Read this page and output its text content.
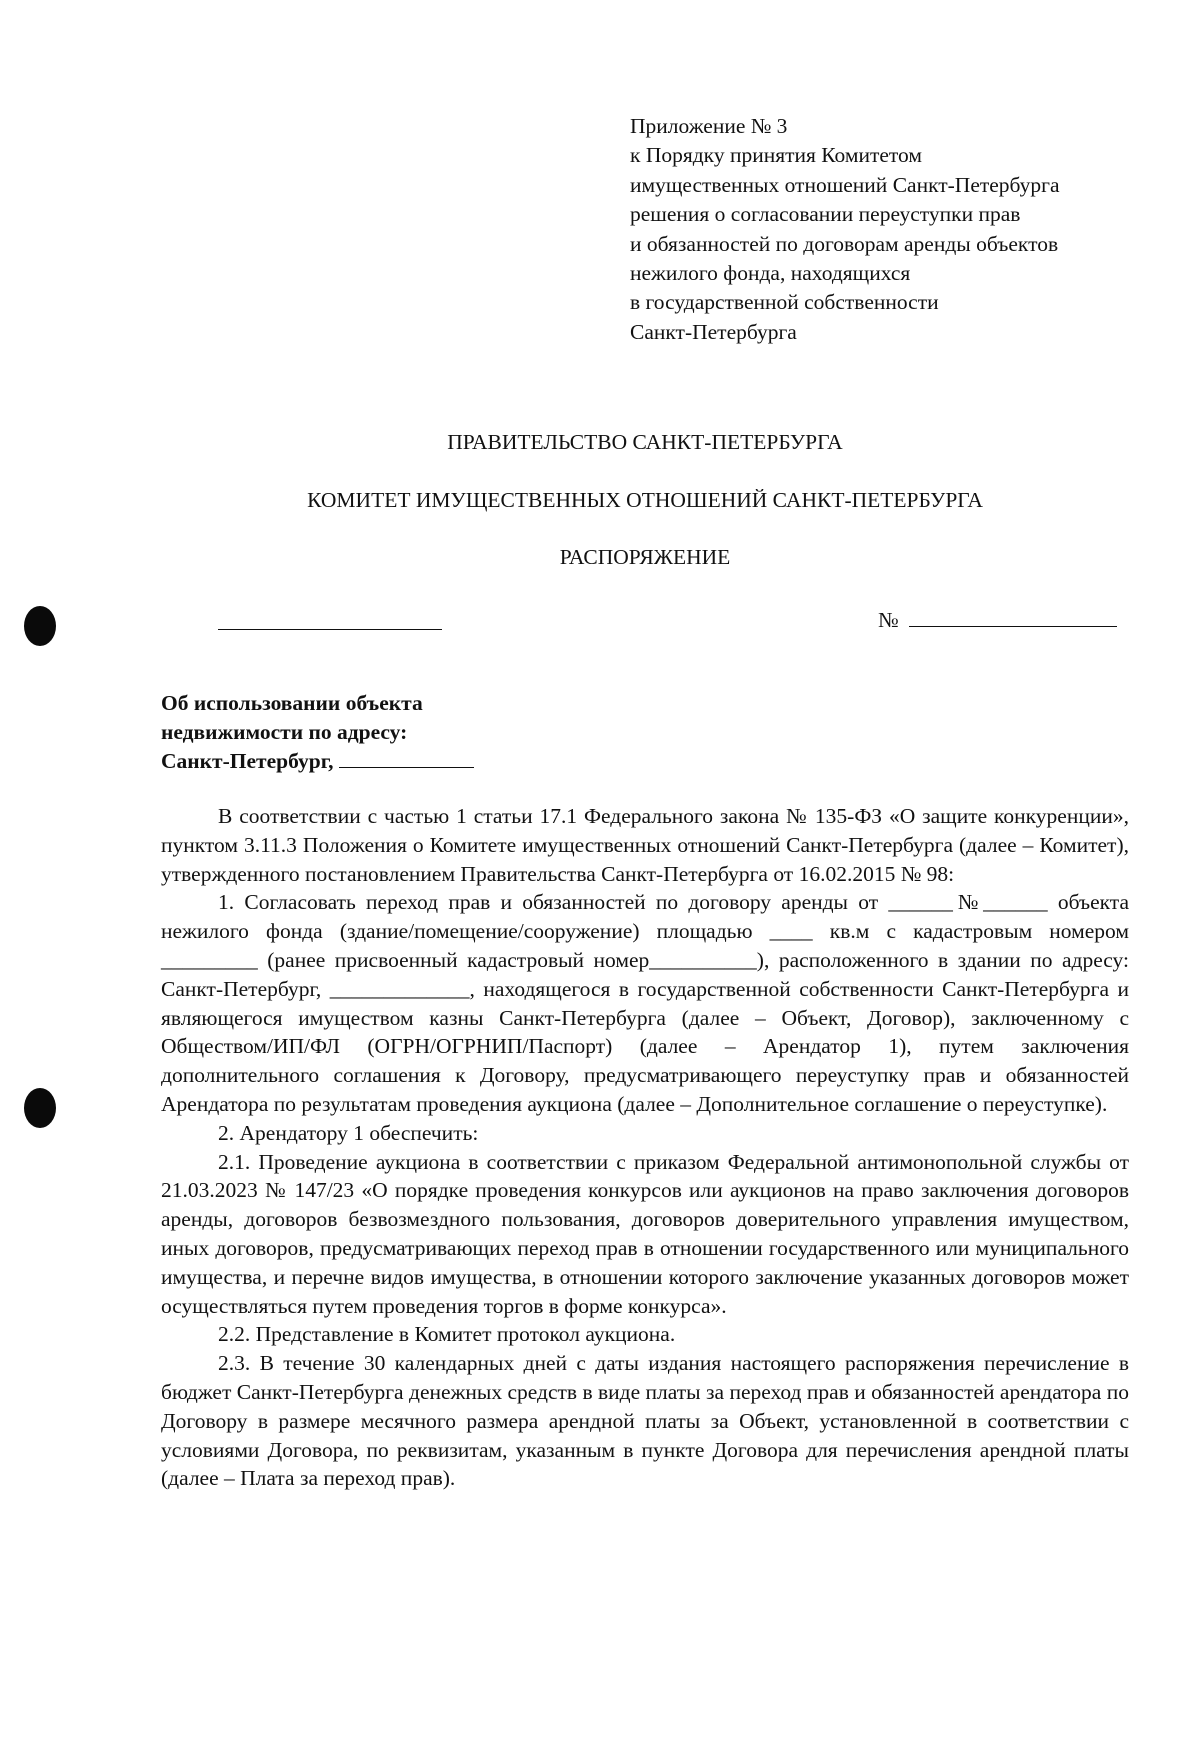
Приложение № 3
к Порядку принятия Комитетом
имущественных отношений Санкт-Петербурга
решения о согласовании переуступки прав
и обязанностей по договорам аренды объектов
нежилого фонда, находящихся
в государственной собственности
Санкт-Петербурга
ПРАВИТЕЛЬСТВО САНКТ-ПЕТЕРБУРГА
КОМИТЕТ ИМУЩЕСТВЕННЫХ ОТНОШЕНИЙ САНКТ-ПЕТЕРБУРГА
РАСПОРЯЖЕНИЕ
№
Об использовании объекта
недвижимости по адресу:
Санкт-Петербург,

В соответствии с частью 1 статьи 17.1 Федерального закона № 135-ФЗ «О защите конкуренции», пунктом 3.11.3 Положения о Комитете имущественных отношений Санкт-Петербурга (далее – Комитет), утвержденного постановлением Правительства Санкт-Петербурга от 16.02.2015 № 98:

1. Согласовать переход прав и обязанностей по договору аренды от ______№______ объекта нежилого фонда (здание/помещение/сооружение) площадью ____ кв.м с кадастровым номером _________ (ранее присвоенный кадастровый номер__________), расположенного в здании по адресу: Санкт-Петербург, _____________, находящегося в государственной собственности Санкт-Петербурга и являющегося имуществом казны Санкт-Петербурга (далее – Объект, Договор), заключенному с Обществом/ИП/ФЛ (ОГРН/ОГРНИП/Паспорт) (далее – Арендатор 1), путем заключения дополнительного соглашения к Договору, предусматривающего переуступку прав и обязанностей Арендатора по результатам проведения аукциона (далее – Дополнительное соглашение о переуступке).

2. Арендатору 1 обеспечить:

2.1. Проведение аукциона в соответствии с приказом Федеральной антимонопольной службы от 21.03.2023 № 147/23 «О порядке проведения конкурсов или аукционов на право заключения договоров аренды, договоров безвозмездного пользования, договоров доверительного управления имуществом, иных договоров, предусматривающих переход прав в отношении государственного или муниципального имущества, и перечне видов имущества, в отношении которого заключение указанных договоров может осуществляться путем проведения торгов в форме конкурса».

2.2. Представление в Комитет протокол аукциона.

2.3. В течение 30 календарных дней с даты издания настоящего распоряжения перечисление в бюджет Санкт-Петербурга денежных средств в виде платы за переход прав и обязанностей арендатора по Договору в размере месячного размера арендной платы за Объект, установленной в соответствии с условиями Договора, по реквизитам, указанным в пункте Договора для перечисления арендной платы (далее – Плата за переход прав).
